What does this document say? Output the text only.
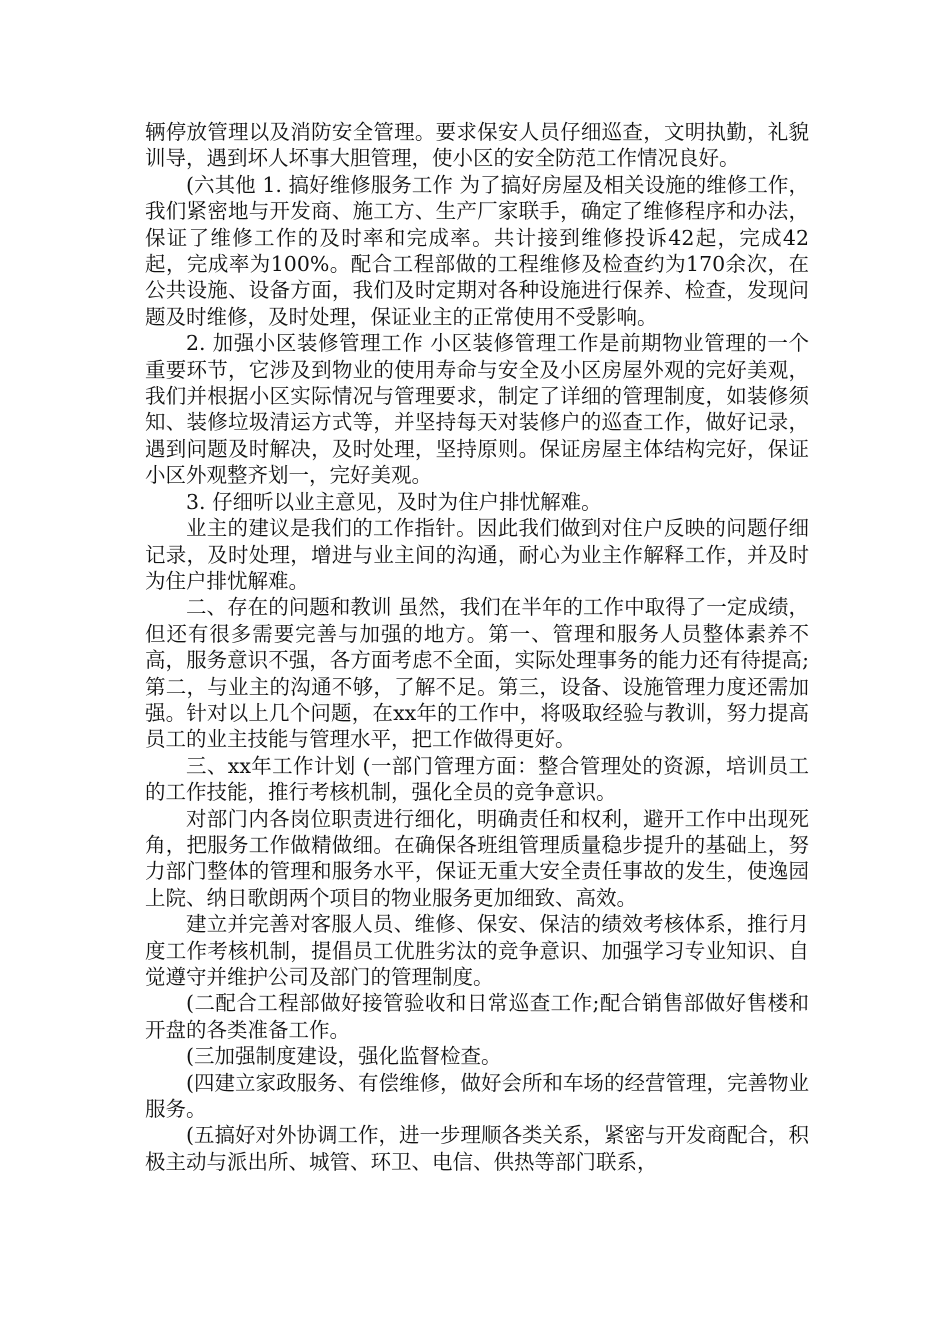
辆停放管理以及消防安全管理。要求保安人员仔细巡查，文明执勤，礼貌训导，遇到坏人坏事大胆管理，使小区的安全防范工作情况良好。

(六其他 1. 搞好维修服务工作 为了搞好房屋及相关设施的维修工作，我们紧密地与开发商、施工方、生产厂家联手，确定了维修程序和办法，保证了维修工作的及时率和完成率。共计接到维修投诉42起，完成42起，完成率为100%。配合工程部做的工程维修及检查约为170余次，在公共设施、设备方面，我们及时定期对各种设施进行保养、检查，发现问题及时维修，及时处理，保证业主的正常使用不受影响。

2. 加强小区装修管理工作 小区装修管理工作是前期物业管理的一个重要环节，它涉及到物业的使用寿命与安全及小区房屋外观的完好美观，我们并根据小区实际情况与管理要求，制定了详细的管理制度，如装修须知、装修垃圾清运方式等，并坚持每天对装修户的巡查工作，做好记录，遇到问题及时解决，及时处理，坚持原则。保证房屋主体结构完好，保证小区外观整齐划一，完好美观。

3. 仔细听以业主意见，及时为住户排忧解难。

业主的建议是我们的工作指针。因此我们做到对住户反映的问题仔细记录，及时处理，增进与业主间的沟通，耐心为业主作解释工作，并及时为住户排忧解难。

二、存在的问题和教训 虽然，我们在半年的工作中取得了一定成绩，但还有很多需要完善与加强的地方。第一、管理和服务人员整体素养不高，服务意识不强，各方面考虑不全面，实际处理事务的能力还有待提高;第二，与业主的沟通不够，了解不足。第三，设备、设施管理力度还需加强。针对以上几个问题，在xx年的工作中，将吸取经验与教训，努力提高员工的业主技能与管理水平，把工作做得更好。

三、xx年工作计划 (一部门管理方面：整合管理处的资源，培训员工的工作技能，推行考核机制，强化全员的竞争意识。

对部门内各岗位职责进行细化，明确责任和权利，避开工作中出现死角，把服务工作做精做细。在确保各班组管理质量稳步提升的基础上，努力部门整体的管理和服务水平，保证无重大安全责任事故的发生，使逸园上院、纳日歌朗两个项目的物业服务更加细致、高效。

建立并完善对客服人员、维修、保安、保洁的绩效考核体系，推行月度工作考核机制，提倡员工优胜劣汰的竞争意识、加强学习专业知识、自觉遵守并维护公司及部门的管理制度。

(二配合工程部做好接管验收和日常巡查工作;配合销售部做好售楼和开盘的各类准备工作。

(三加强制度建设，强化监督检查。

(四建立家政服务、有偿维修，做好会所和车场的经营管理，完善物业服务。

(五搞好对外协调工作，进一步理顺各类关系，紧密与开发商配合，积极主动与派出所、城管、环卫、电信、供热等部门联系，
